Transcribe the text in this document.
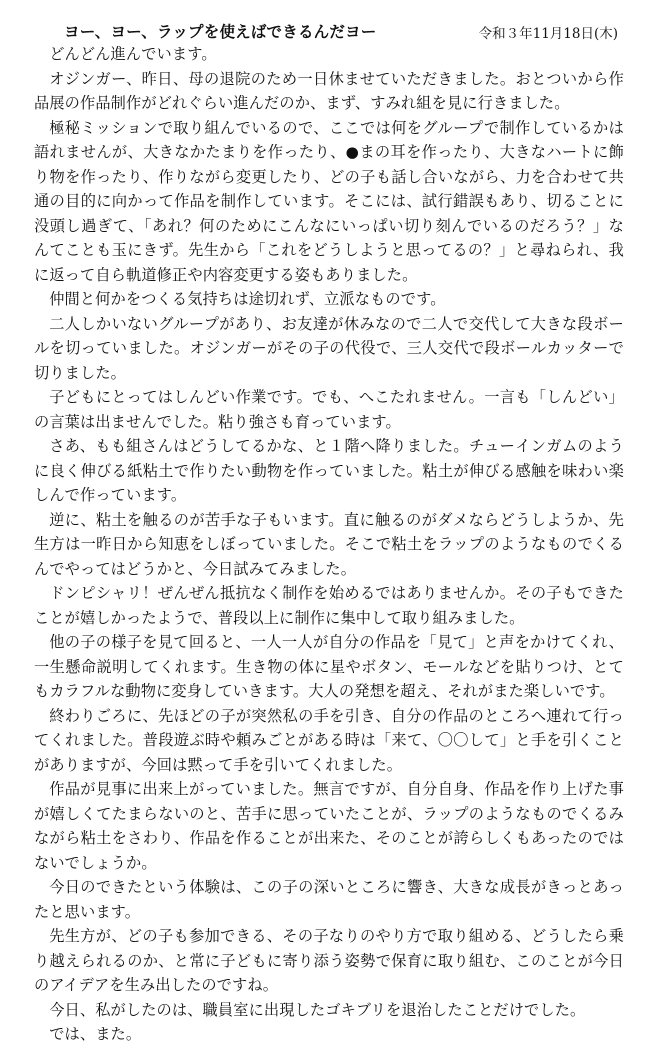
ヨー、ヨー、ラップを使えばできるんだヨー	令和３年11月18日(木)

どんどん進んでいます。

オジンガー、昨日、母の退院のため一日休ませていただきました。おとついから作品展の作品制作がどれぐらい進んだのか、まず、すみれ組を見に行きました。

極秘ミッションで取り組んでいるので、ここでは何をグループで制作しているかは語れませんが、大きなかたまりを作ったり、●まの耳を作ったり、大きなハートに飾り物を作ったり、作りながら変更したり、どの子も話し合いながら、力を合わせて共通の目的に向かって作品を制作しています。そこには、試行錯誤もあり、切ることに没頭し過ぎて、「あれ？何のためにこんなにいっぱい切り刻んでいるのだろう？」なんてことも玉にきず。先生から「これをどうしようと思ってるの？」と尋ねられ、我に返って自ら軌道修正や内容変更する姿もありました。

仲間と何かをつくる気持ちは途切れず、立派なものです。

二人しかいないグループがあり、お友達が休みなので二人で交代して大きな段ボールを切っていました。オジンガーがその子の代役で、三人交代で段ボールカッターで切りました。

子どもにとってはしんどい作業です。でも、へこたれません。一言も「しんどい」の言葉は出ませんでした。粘り強さも育っています。

さあ、もも組さんはどうしてるかな、と１階へ降りました。チューインガムのように良く伸びる紙粘土で作りたい動物を作っていました。粘土が伸びる感触を味わい楽しんで作っています。

逆に、粘土を触るのが苦手な子もいます。直に触るのがダメならどうしようか、先生方は一昨日から知恵をしぼっていました。そこで粘土をラップのようなものでくるんでやってはどうかと、今日試みてみました。

ドンピシャリ！ぜんぜん抵抗なく制作を始めるではありませんか。その子もできたことが嬉しかったようで、普段以上に制作に集中して取り組みました。

他の子の様子を見て回ると、一人一人が自分の作品を「見て」と声をかけてくれ、一生懸命説明してくれます。生き物の体に星やボタン、モールなどを貼りつけ、とてもカラフルな動物に変身していきます。大人の発想を超え、それがまた楽しいです。

終わりごろに、先ほどの子が突然私の手を引き、自分の作品のところへ連れて行ってくれました。普段遊ぶ時や頼みごとがある時は「来て、〇〇して」と手を引くことがありますが、今回は黙って手を引いてくれました。

作品が見事に出来上がっていました。無言ですが、自分自身、作品を作り上げた事が嬉しくてたまらないのと、苦手に思っていたことが、ラップのようなものでくるみながら粘土をさわり、作品を作ることが出来た、そのことが誇らしくもあったのではないでしょうか。

今日のできたという体験は、この子の深いところに響き、大きな成長がきっとあったと思います。

先生方が、どの子も参加できる、その子なりのやり方で取り組める、どうしたら乗り越えられるのか、と常に子どもに寄り添う姿勢で保育に取り組む、このことが今日のアイデアを生み出したのですね。

今日、私がしたのは、職員室に出現したゴキブリを退治したことだけでした。

では、また。
